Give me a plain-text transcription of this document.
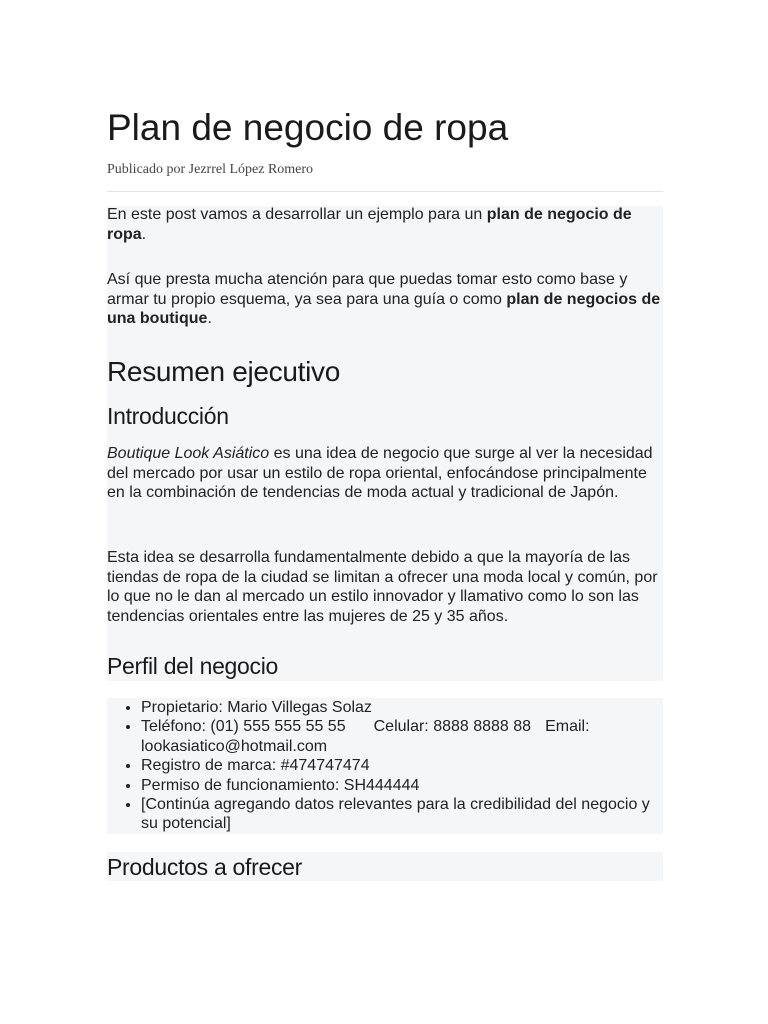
Plan de negocio de ropa

Publicado por Jezrrel López Romero

En este post vamos a desarrollar un ejemplo para un plan de negocio de ropa.

Así que presta mucha atención para que puedas tomar esto como base y armar tu propio esquema, ya sea para una guía o como plan de negocios de una boutique.

Resumen ejecutivo
Introducción

Boutique Look Asiático es una idea de negocio que surge al ver la necesidad del mercado por usar un estilo de ropa oriental, enfocándose principalmente en la combinación de tendencias de moda actual y tradicional de Japón.

Esta idea se desarrolla fundamentalmente debido a que la mayoría de las tiendas de ropa de la ciudad se limitan a ofrecer una moda local y común, por lo que no le dan al mercado un estilo innovador y llamativo como lo son las tendencias orientales entre las mujeres de 25 y 35 años.

Perfil del negocio
• Propietario: Mario Villegas Solaz
• Teléfono: (01) 555 555 55 55 Celular: 8888 8888 88 Email: lookasiatico@hotmail.com
• Registro de marca: #474747474
• Permiso de funcionamiento: SH444444
• [Continúa agregando datos relevantes para la credibilidad del negocio y su potencial]
Productos a ofrecer
